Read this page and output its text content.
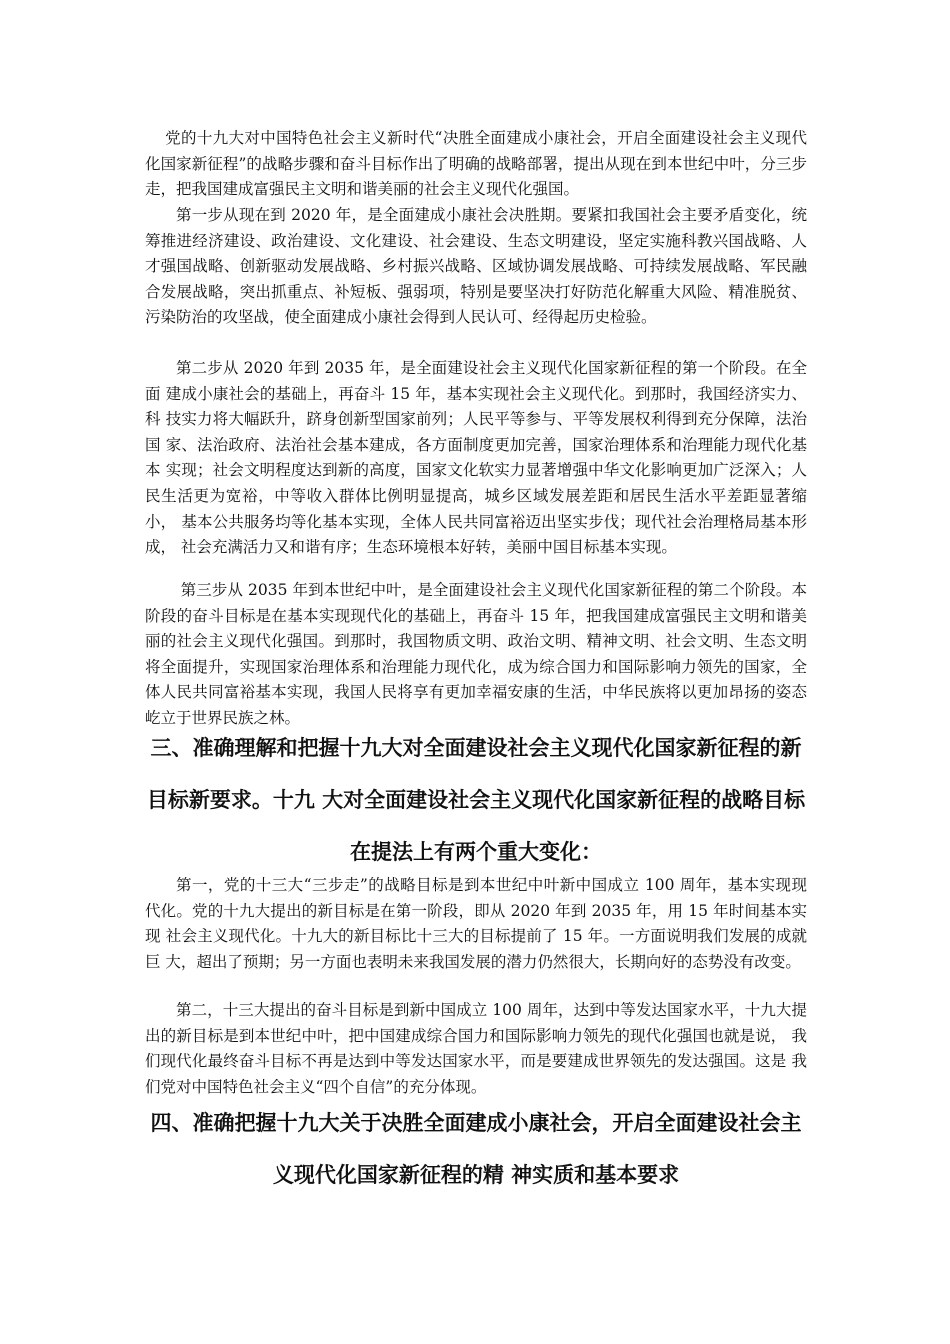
党的十九大对中国特色社会主义新时代“决胜全面建成小康社会，开启全面建设社会主义现代化国家新征程”的战略步骤和奋斗目标作出了明确的战略部署，提出从现在到本世纪中叶，分三步走，把我国建成富强民主文明和谐美丽的社会主义现代化强国。

第一步从现在到 2020 年，是全面建成小康社会决胜期。要紧扣我国社会主要矛盾变化，统 筹推进经济建设、政治建设、文化建设、社会建设、生态文明建设，坚定实施科教兴国战略、人 才强国战略、创新驱动发展战略、乡村振兴战略、区域协调发展战略、可持续发展战略、军民融 合发展战略，突出抓重点、补短板、强弱项，特别是要坚决打好防范化解重大风险、精准脱贫、 污染防治的攻坚战，使全面建成小康社会得到人民认可、经得起历史检验。

第二步从 2020 年到 2035 年，是全面建设社会主义现代化国家新征程的第一个阶段。在全面 建成小康社会的基础上，再奋斗 15 年，基本实现社会主义现代化。到那时，我国经济实力、科 技实力将大幅跃升，跻身创新型国家前列；人民平等参与、平等发展权利得到充分保障，法治国 家、法治政府、法治社会基本建成，各方面制度更加完善，国家治理体系和治理能力现代化基本 实现；社会文明程度达到新的高度，国家文化软实力显著增强中华文化影响更加广泛深入；人 民生活更为宽裕，中等收入群体比例明显提高，城乡区域发展差距和居民生活水平差距显著缩小， 基本公共服务均等化基本实现，全体人民共同富裕迈出坚实步伐；现代社会治理格局基本形成， 社会充满活力又和谐有序；生态环境根本好转，美丽中国目标基本实现。

第三步从 2035 年到本世纪中叶，是全面建设社会主义现代化国家新征程的第二个阶段。本 阶段的奋斗目标是在基本实现现代化的基础上，再奋斗 15 年，把我国建成富强民主文明和谐美 丽的社会主义现代化强国。到那时，我国物质文明、政治文明、精神文明、社会文明、生态文明 将全面提升，实现国家治理体系和治理能力现代化，成为综合国力和国际影响力领先的国家，全 体人民共同富裕基本实现，我国人民将享有更加幸福安康的生活，中华民族将以更加昂扬的姿态 屹立于世界民族之林。

三、准确理解和把握十九大对全面建设社会主义现代化国家新征程的新目标新要求。十九 大对全面建设社会主义现代化国家新征程的战略目标在提法上有两个重大变化：

第一，党的十三大“三步走”的战略目标是到本世纪中叶新中国成立 100 周年，基本实现现 代化。党的十九大提出的新目标是在第一阶段，即从 2020 年到 2035 年，用 15 年时间基本实现 社会主义现代化。十九大的新目标比十三大的目标提前了 15 年。一方面说明我们发展的成就巨 大，超出了预期；另一方面也表明未来我国发展的潜力仍然很大，长期向好的态势没有改变。

第二，十三大提出的奋斗目标是到新中国成立 100 周年，达到中等发达国家水平，十九大提 出的新目标是到本世纪中叶，把中国建成综合国力和国际影响力领先的现代化强国也就是说， 我们现代化最终奋斗目标不再是达到中等发达国家水平，而是要建成世界领先的发达强国。这是 我们党对中国特色社会主义“四个自信”的充分体现。

四、准确把握十九大关于决胜全面建成小康社会，开启全面建设社会主义现代化国家新征程的精 神实质和基本要求
